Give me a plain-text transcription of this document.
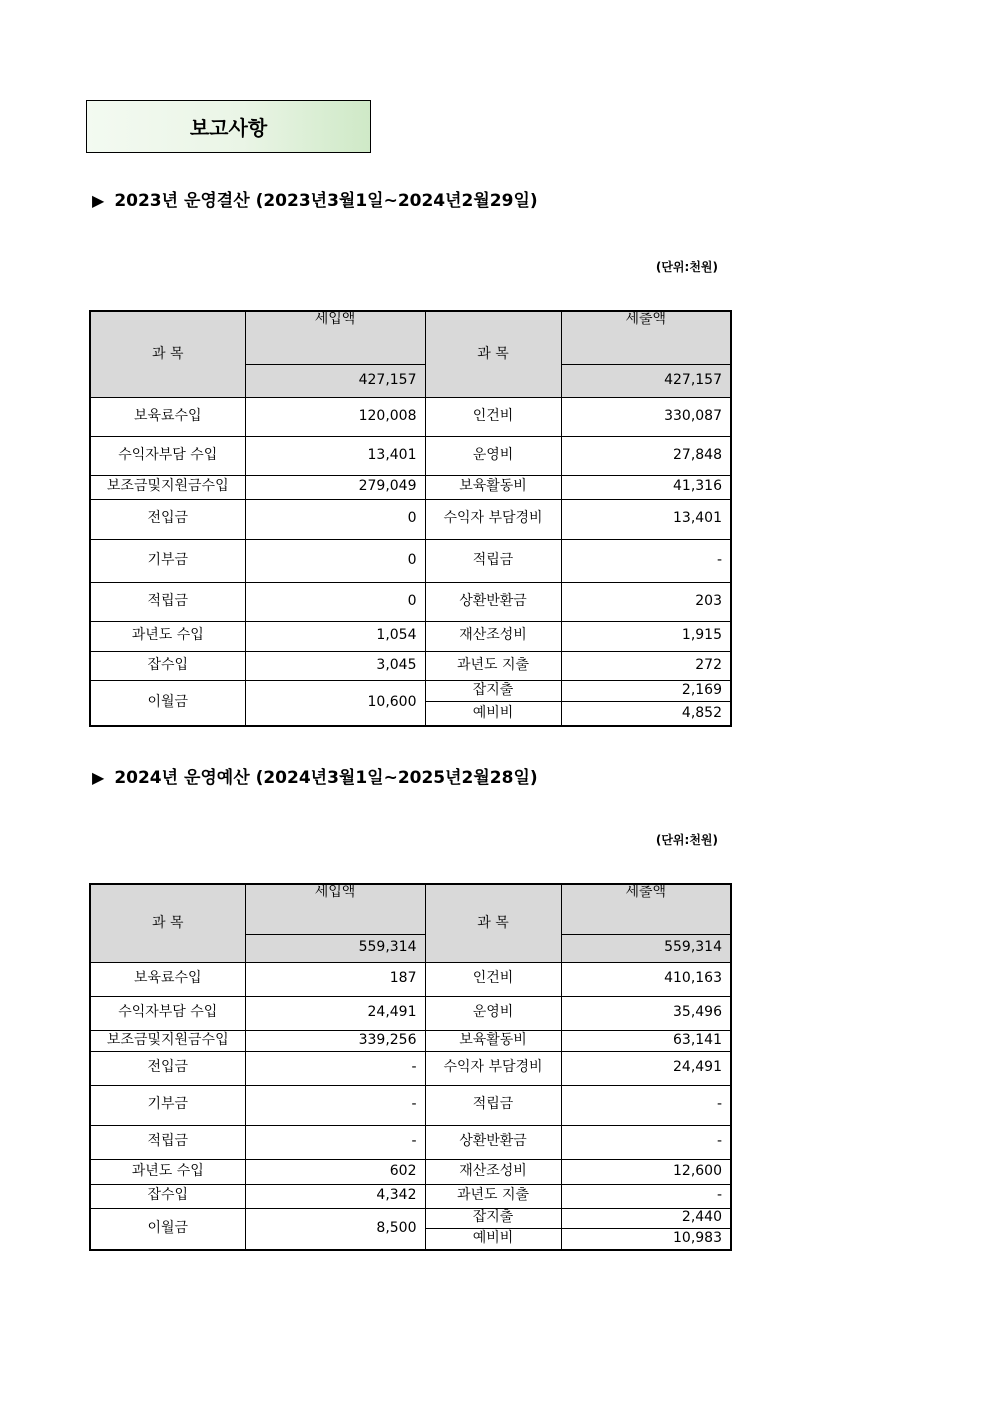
보고사항
▶ 2023년 운영결산 (2023년3월1일~2024년2월29일)
(단위:천원)
과 목	세입액	과 목	세출액
	427,157		427,157
보육료수입	120,008	인건비	330,087
수익자부담 수입	13,401	운영비	27,848
보조금및지원금수입	279,049	보육활동비	41,316
전입금	0	수익자 부담경비	13,401
기부금	0	적립금	-
적립금	0	상환반환금	203
과년도 수입	1,054	재산조성비	1,915
잡수입	3,045	과년도 지출	272
이월금	10,600	잡지출	2,169
		예비비	4,852
▶ 2024년 운영예산 (2024년3월1일~2025년2월28일)
(단위:천원)
과 목	세입액	과 목	세출액
	559,314		559,314
보육료수입	187	인건비	410,163
수익자부담 수입	24,491	운영비	35,496
보조금및지원금수입	339,256	보육활동비	63,141
전입금	-	수익자 부담경비	24,491
기부금	-	적립금	-
적립금	-	상환반환금	-
과년도 수입	602	재산조성비	12,600
잡수입	4,342	과년도 지출	-
이월금	8,500	잡지출	2,440
		예비비	10,983
